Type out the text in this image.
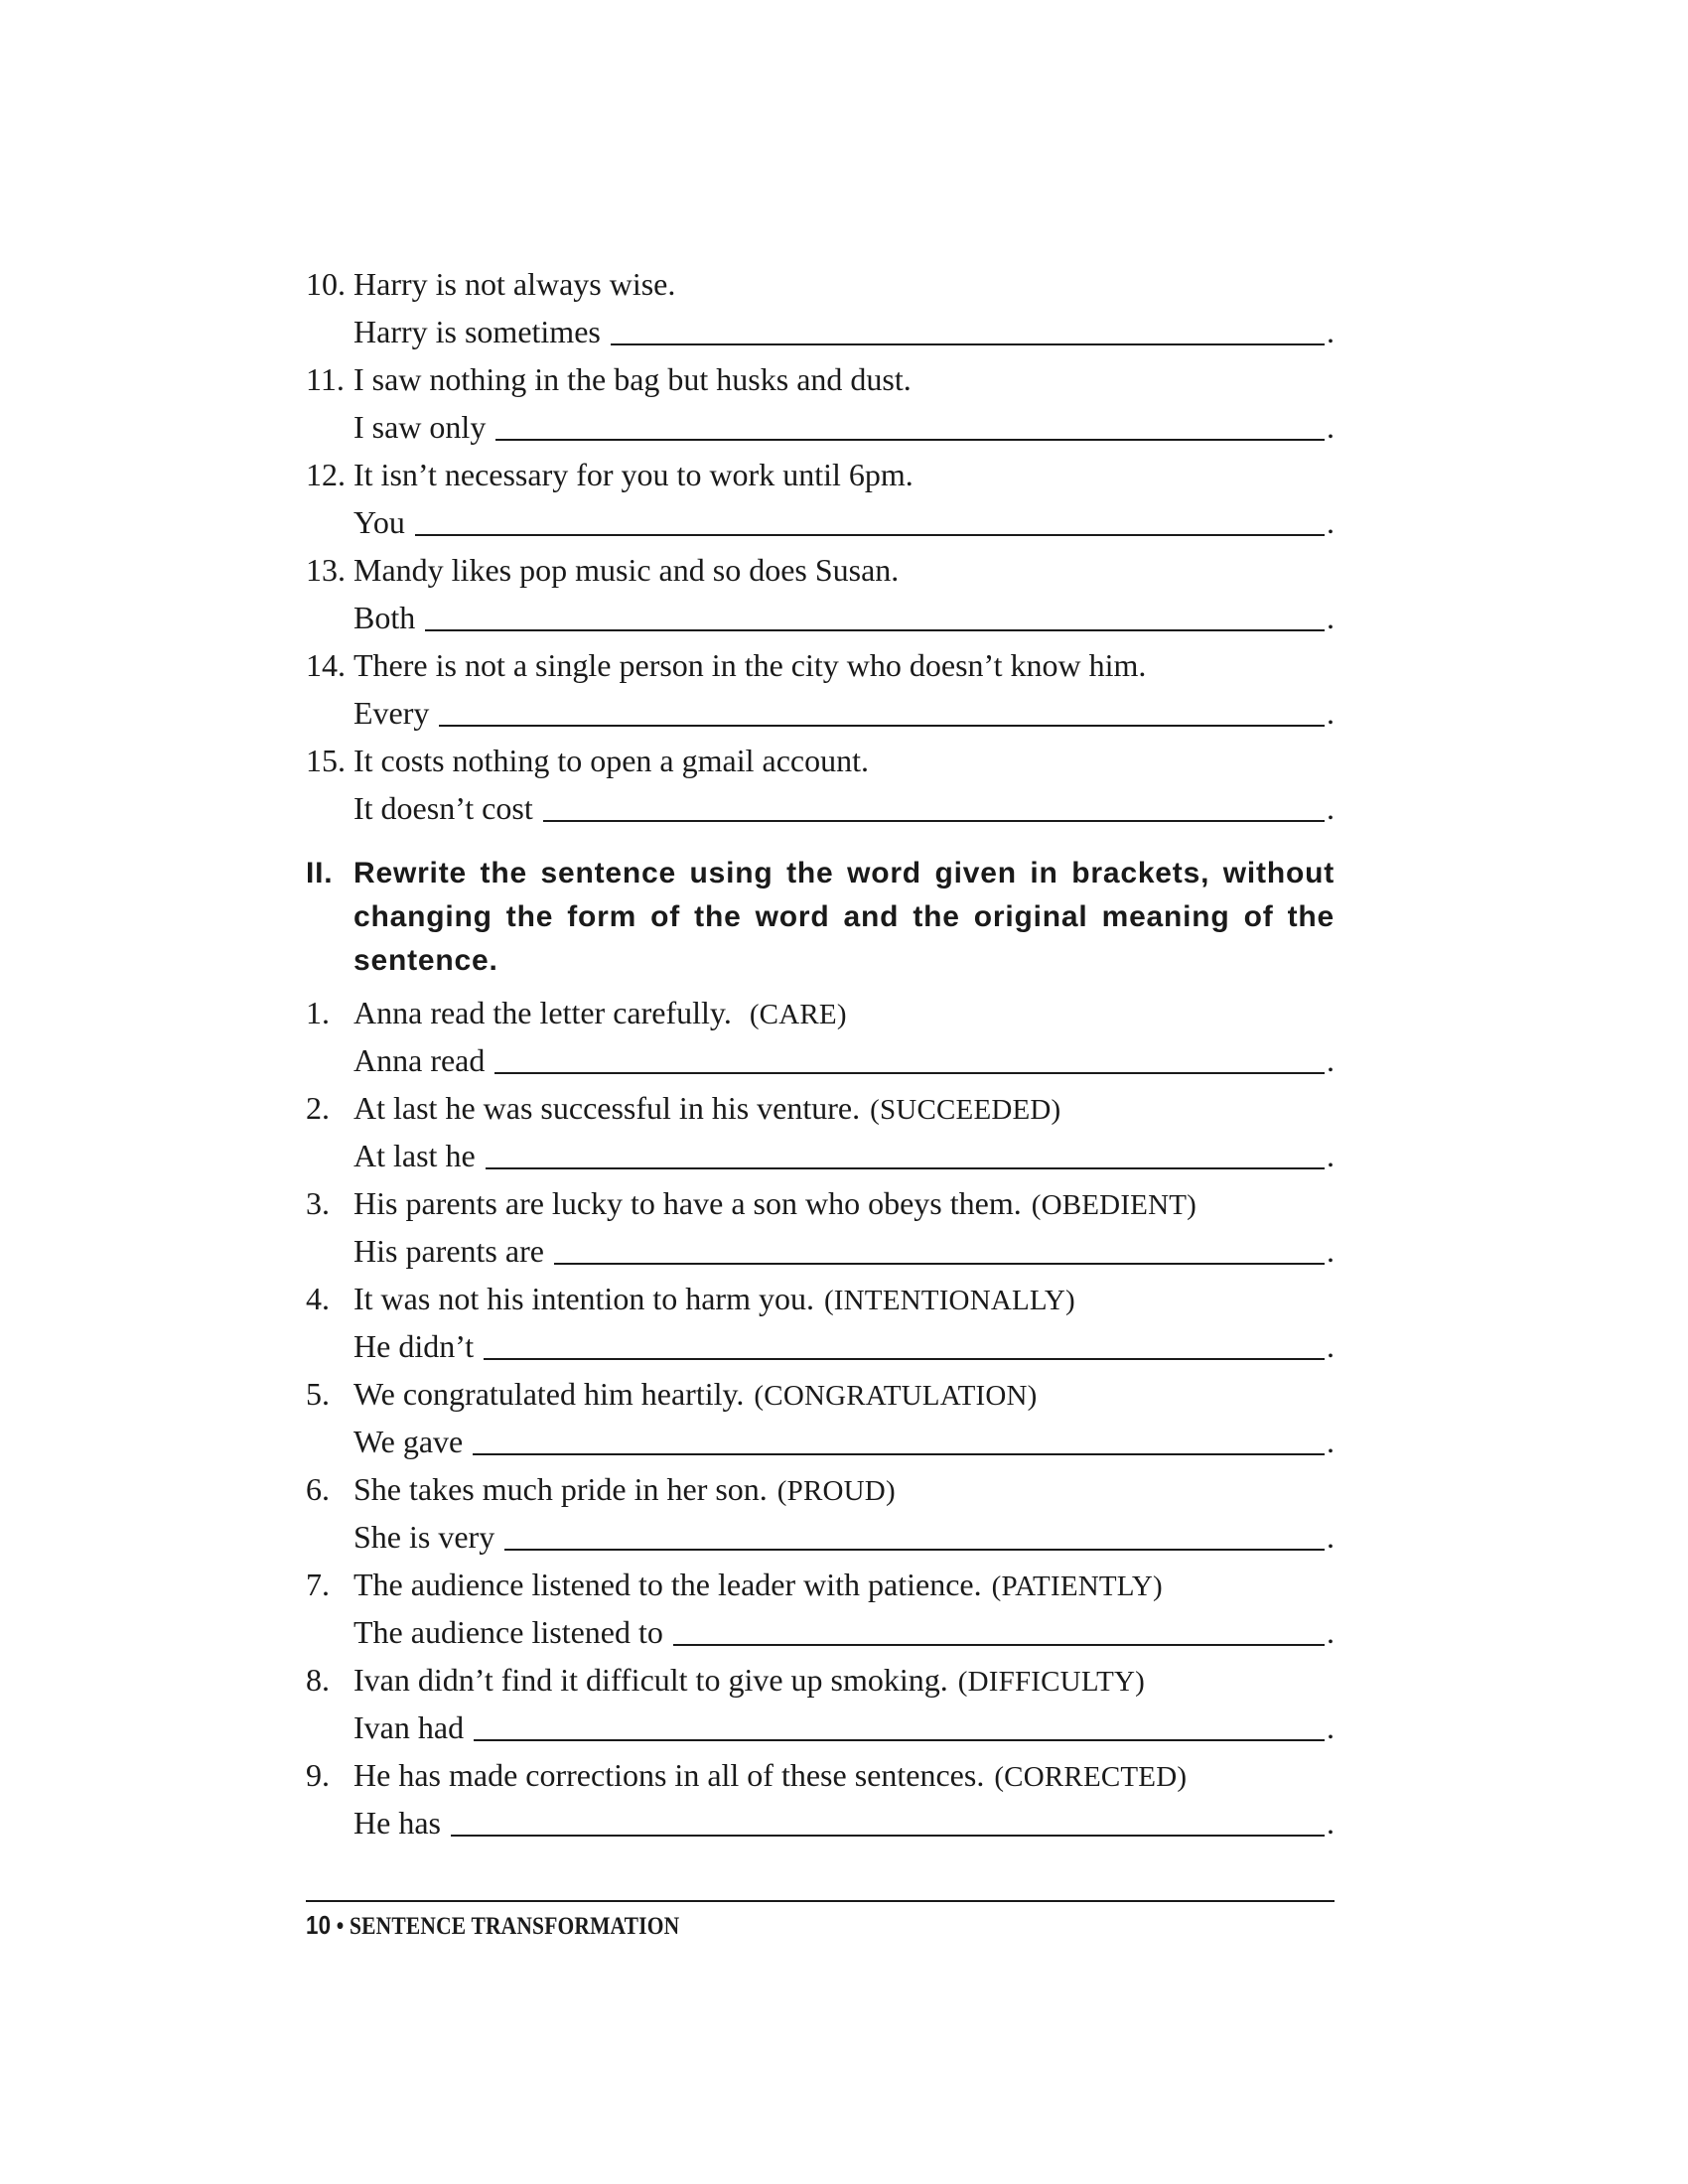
10. Harry is not always wise.
Harry is sometimes	.
11. I saw nothing in the bag but husks and dust.
I saw only	.
12. It isn’t necessary for you to work until 6pm.
You	.
13. Mandy likes pop music and so does Susan.
Both	.
14. There is not a single person in the city who doesn’t know him.
Every	.
15. It costs nothing to open a gmail account.
It doesn’t cost	.
II. Rewrite the sentence using the word given in brackets, without changing the form of the word and the original meaning of the sentence.
1. Anna read the letter carefully. (CARE)
Anna read	.
2. At last he was successful in his venture. (SUCCEEDED)
At last he	.
3. His parents are lucky to have a son who obeys them. (OBEDIENT)
His parents are	.
4. It was not his intention to harm you. (INTENTIONALLY)
He didn’t	.
5. We congratulated him heartily. (CONGRATULATION)
We gave	.
6. She takes much pride in her son. (PROUD)
She is very	.
7. The audience listened to the leader with patience. (PATIENTLY)
The audience listened to	.
8. Ivan didn’t find it difficult to give up smoking. (DIFFICULTY)
Ivan had	.
9. He has made corrections in all of these sentences. (CORRECTED)
He has	.
10 • SENTENCE TRANSFORMATION
